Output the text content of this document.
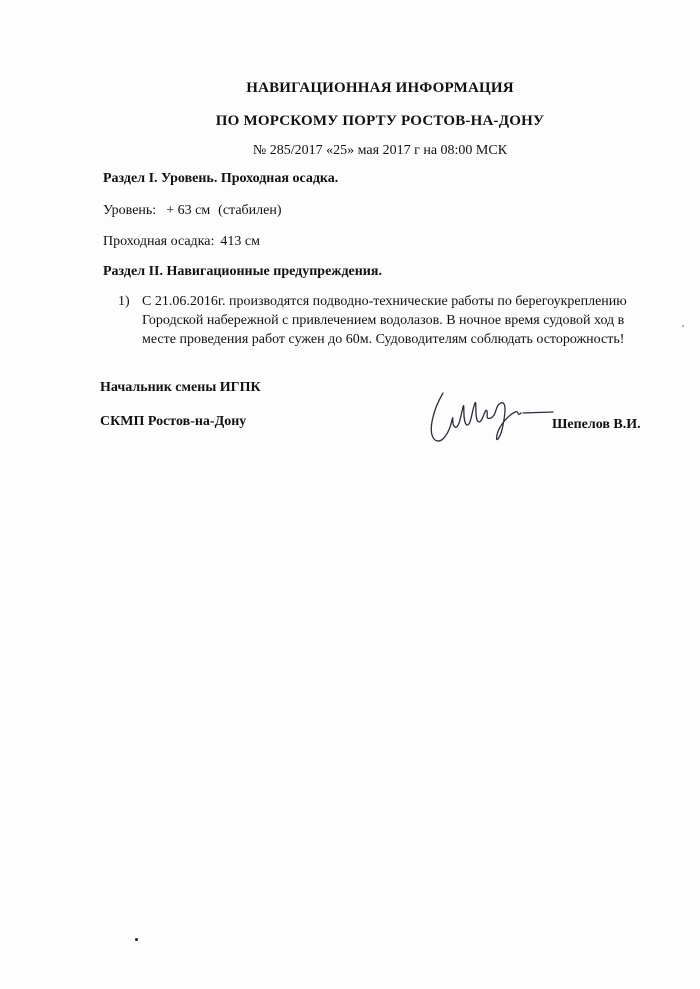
НАВИГАЦИОННАЯ ИНФОРМАЦИЯ
ПО МОРСКОМУ ПОРТУ РОСТОВ-НА-ДОНУ
№ 285/2017 «25» мая 2017 г на 08:00 МСК
Раздел I. Уровень. Проходная осадка.
Уровень: + 63 см (стабилен)
Проходная осадка: 413 см
Раздел II. Навигационные предупреждения.
1) С 21.06.2016г. производятся подводно-технические работы по берегоукреплению
Городской набережной с привлечением водолазов. В ночное время судовой ход в
месте проведения работ сужен до 60м. Судоводителям соблюдать осторожность!
Начальник смены ИГПК
СКМП Ростов-на-Дону	Шепелов В.И.
